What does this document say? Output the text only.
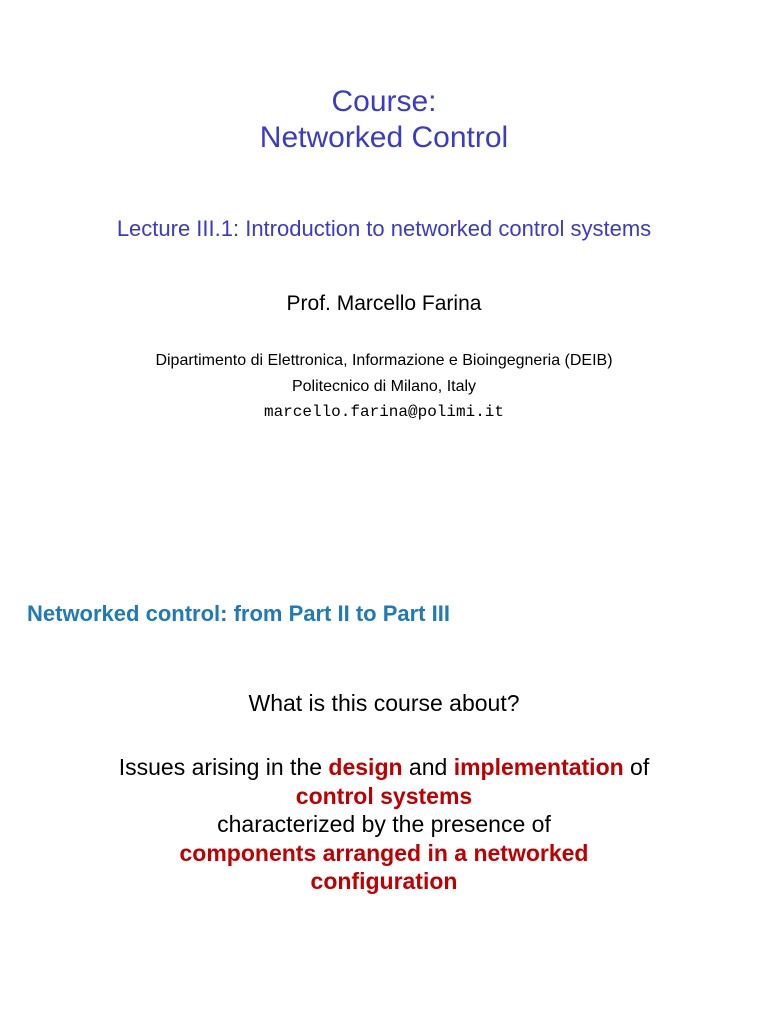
Course:
Networked Control
Lecture III.1: Introduction to networked control systems
Prof. Marcello Farina
Dipartimento di Elettronica, Informazione e Bioingegneria (DEIB)
Politecnico di Milano, Italy
marcello.farina@polimi.it
Networked control: from Part II to Part III
What is this course about?
Issues arising in the design and implementation of
control systems
characterized by the presence of
components arranged in a networked
configuration
